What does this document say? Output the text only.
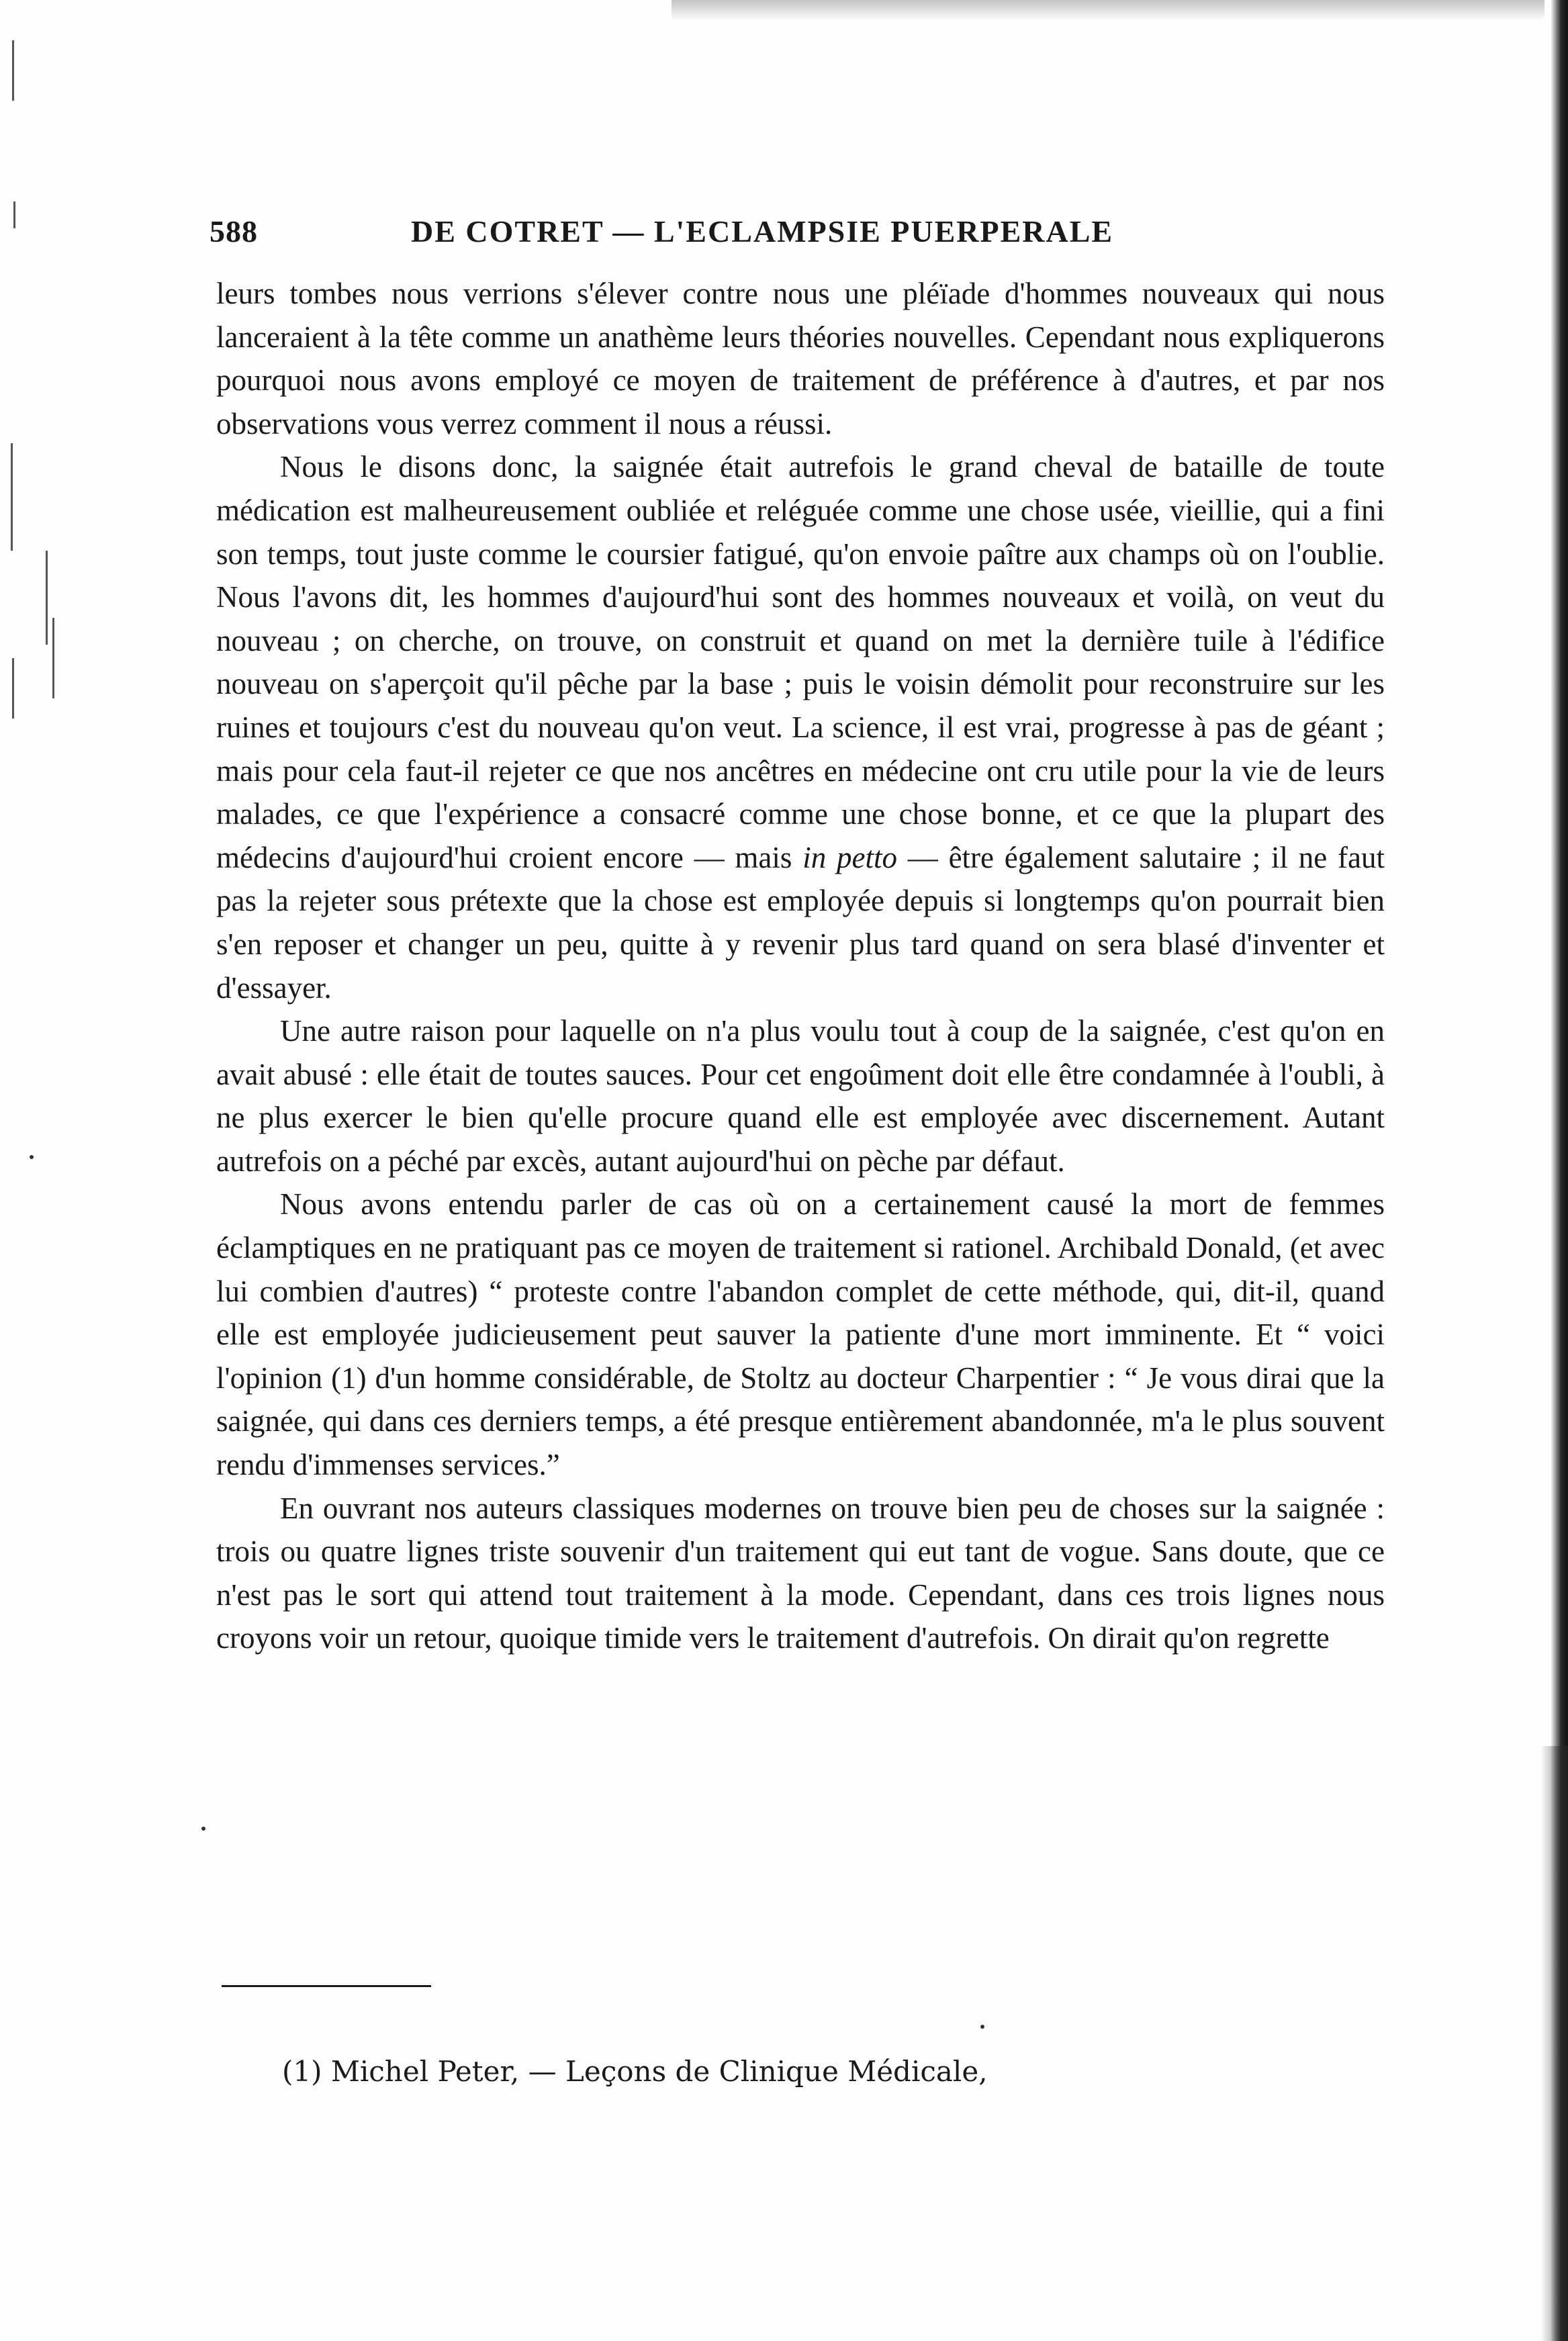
588	DE COTRET — L'ECLAMPSIE PUERPERALE

leurs tombes nous verrions s'élever contre nous une pléïade d'hommes nouveaux qui nous lanceraient à la tête comme un anathème leurs théories nouvelles. Cependant nous expliquerons pourquoi nous avons employé ce moyen de traitement de préférence à d'autres, et par nos observations vous verrez comment il nous a réussi.

Nous le disons donc, la saignée était autrefois le grand cheval de bataille de toute médication est malheureusement oubliée et reléguée comme une chose usée, vieillie, qui a fini son temps, tout juste comme le coursier fatigué, qu'on envoie paître aux champs où on l'oublie. Nous l'avons dit, les hommes d'aujourd'hui sont des hommes nouveaux et voilà, on veut du nouveau ; on cherche, on trouve, on construit et quand on met la dernière tuile à l'édifice nouveau on s'aperçoit qu'il pêche par la base ; puis le voisin démolit pour reconstruire sur les ruines et toujours c'est du nouveau qu'on veut. La science, il est vrai, progresse à pas de géant ; mais pour cela faut-il rejeter ce que nos ancêtres en médecine ont cru utile pour la vie de leurs malades, ce que l'expérience a consacré comme une chose bonne, et ce que la plupart des médecins d'aujourd'hui croient encore — mais in petto — être également salutaire ; il ne faut pas la rejeter sous prétexte que la chose est employée depuis si longtemps qu'on pourrait bien s'en reposer et changer un peu, quitte à y revenir plus tard quand on sera blasé d'inventer et d'essayer.

Une autre raison pour laquelle on n'a plus voulu tout à coup de la saignée, c'est qu'on en avait abusé : elle était de toutes sauces. Pour cet engoûment doit elle être condamnée à l'oubli, à ne plus exercer le bien qu'elle procure quand elle est employée avec discernement. Autant autrefois on a péché par excès, autant aujourd'hui on pèche par défaut.

Nous avons entendu parler de cas où on a certainement causé la mort de femmes éclamptiques en ne pratiquant pas ce moyen de traitement si rationel. Archibald Donald, (et avec lui combien d'autres) “ proteste contre l'abandon complet de cette méthode, qui, dit-il, quand elle est employée judicieusement peut sauver la patiente d'une mort imminente. Et “ voici l'opinion (1) d'un homme considérable, de Stoltz au docteur Charpentier : “ Je vous dirai que la saignée, qui dans ces derniers temps, a été presque entièrement abandonnée, m'a le plus souvent rendu d'immenses services.”

En ouvrant nos auteurs classiques modernes on trouve bien peu de choses sur la saignée : trois ou quatre lignes triste souvenir d'un traitement qui eut tant de vogue. Sans doute, que ce n'est pas le sort qui attend tout traitement à la mode. Cependant, dans ces trois lignes nous croyons voir un retour, quoique timide vers le traitement d'autrefois. On dirait qu'on regrette

(1) Michel Peter, — Leçons de Clinique Médicale,
